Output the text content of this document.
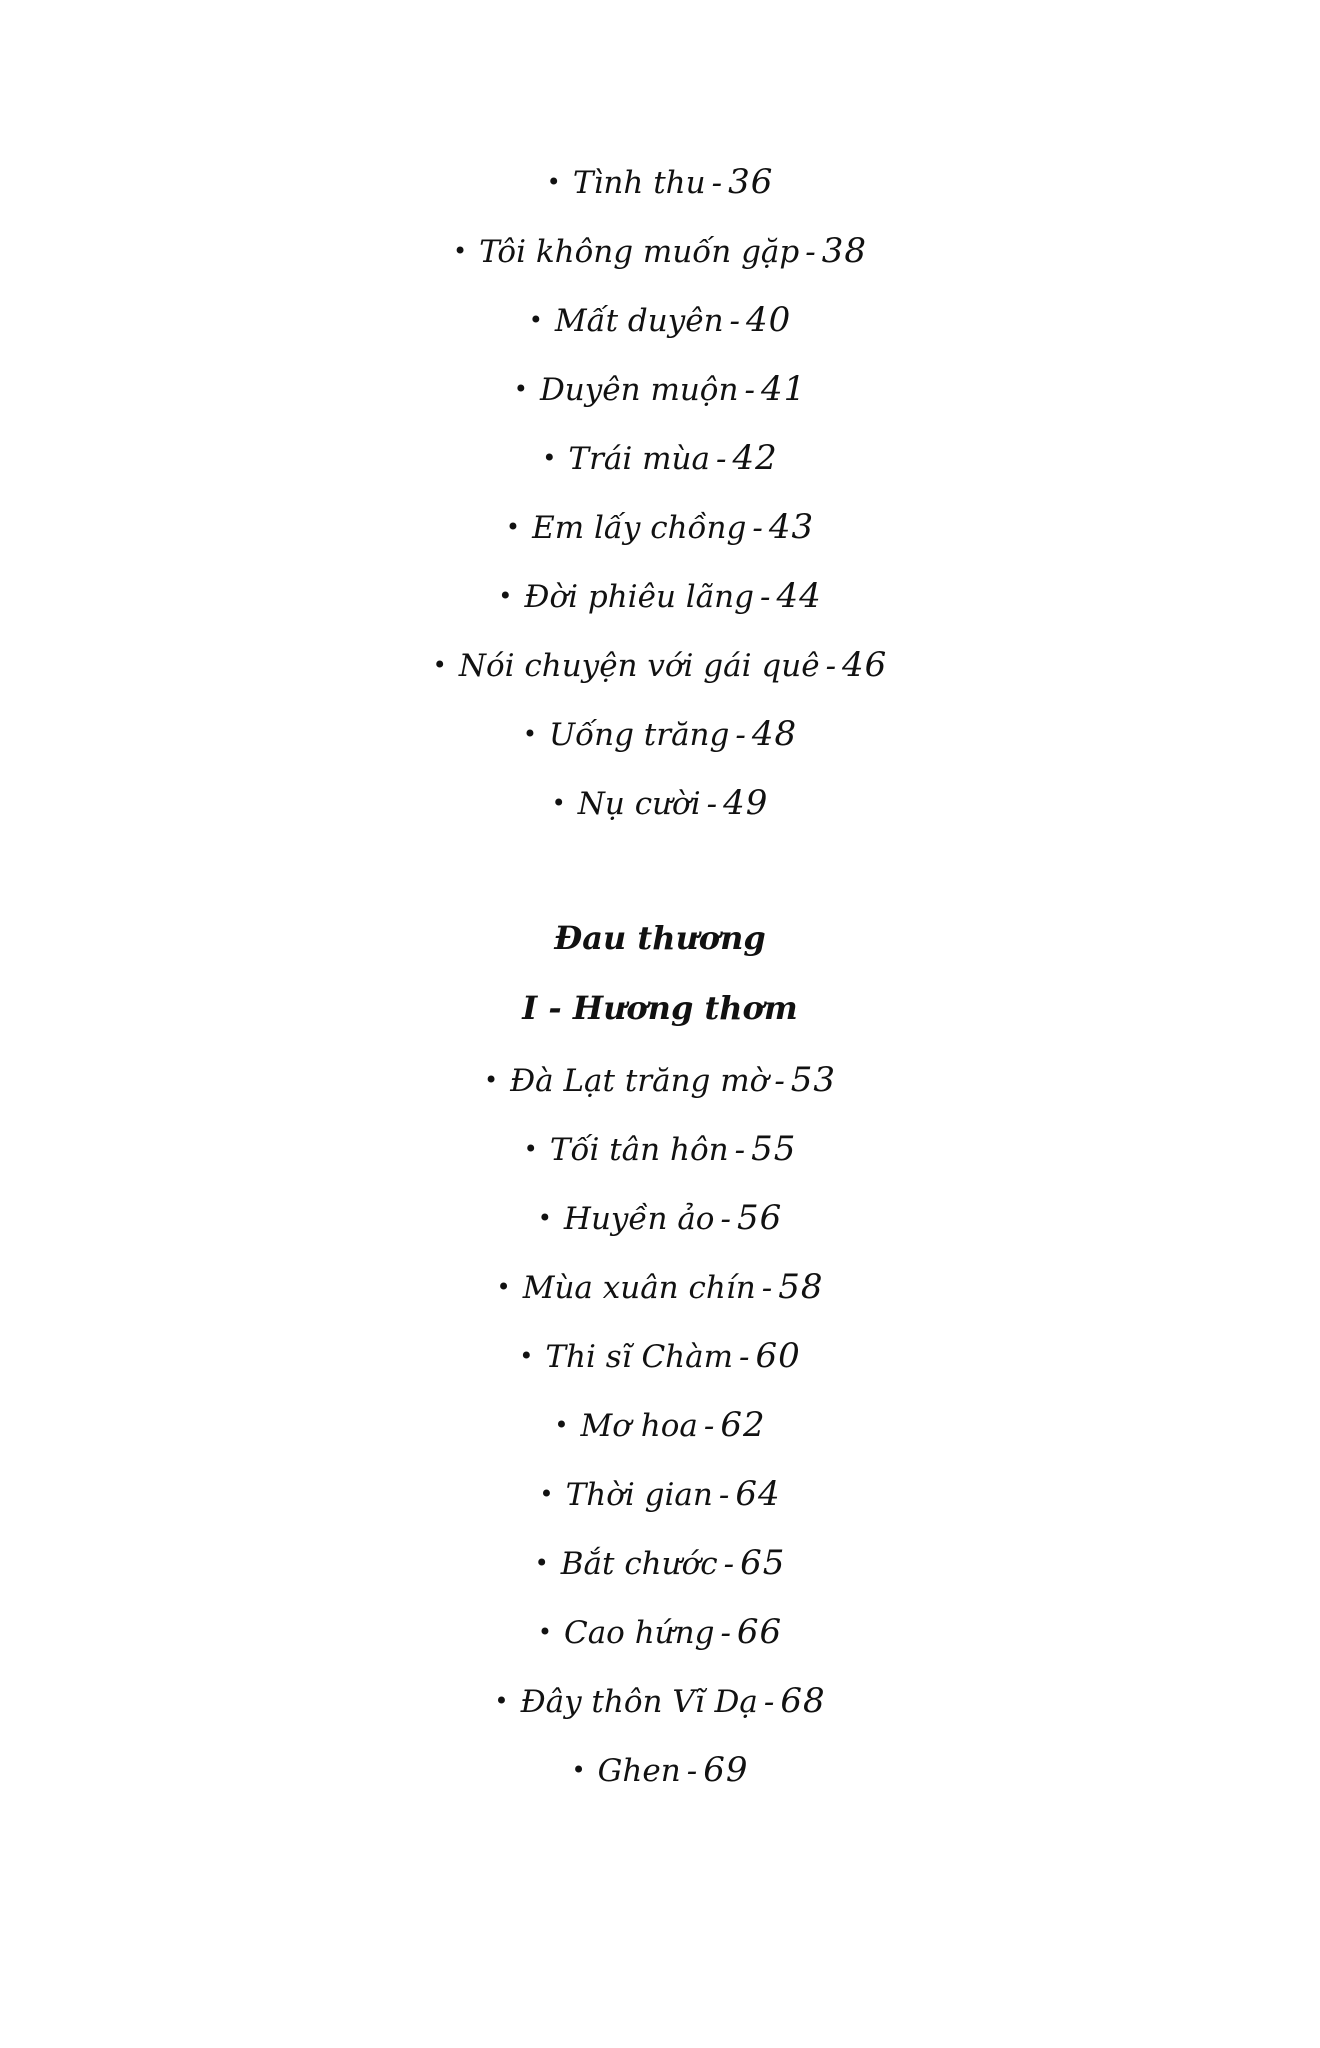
• Tình thu - 36
• Tôi không muốn gặp - 38
• Mất duyên - 40
• Duyên muộn - 41
• Trái mùa - 42
• Em lấy chồng - 43
• Đời phiêu lãng - 44
• Nói chuyện với gái quê - 46
• Uống trăng - 48
• Nụ cười - 49
Đau thương
I - Hương thơm
• Đà Lạt trăng mờ - 53
• Tối tân hôn - 55
• Huyền ảo - 56
• Mùa xuân chín - 58
• Thi sĩ Chàm - 60
• Mơ hoa - 62
• Thời gian - 64
• Bắt chước - 65
• Cao hứng - 66
• Đây thôn Vĩ Dạ - 68
• Ghen - 69
